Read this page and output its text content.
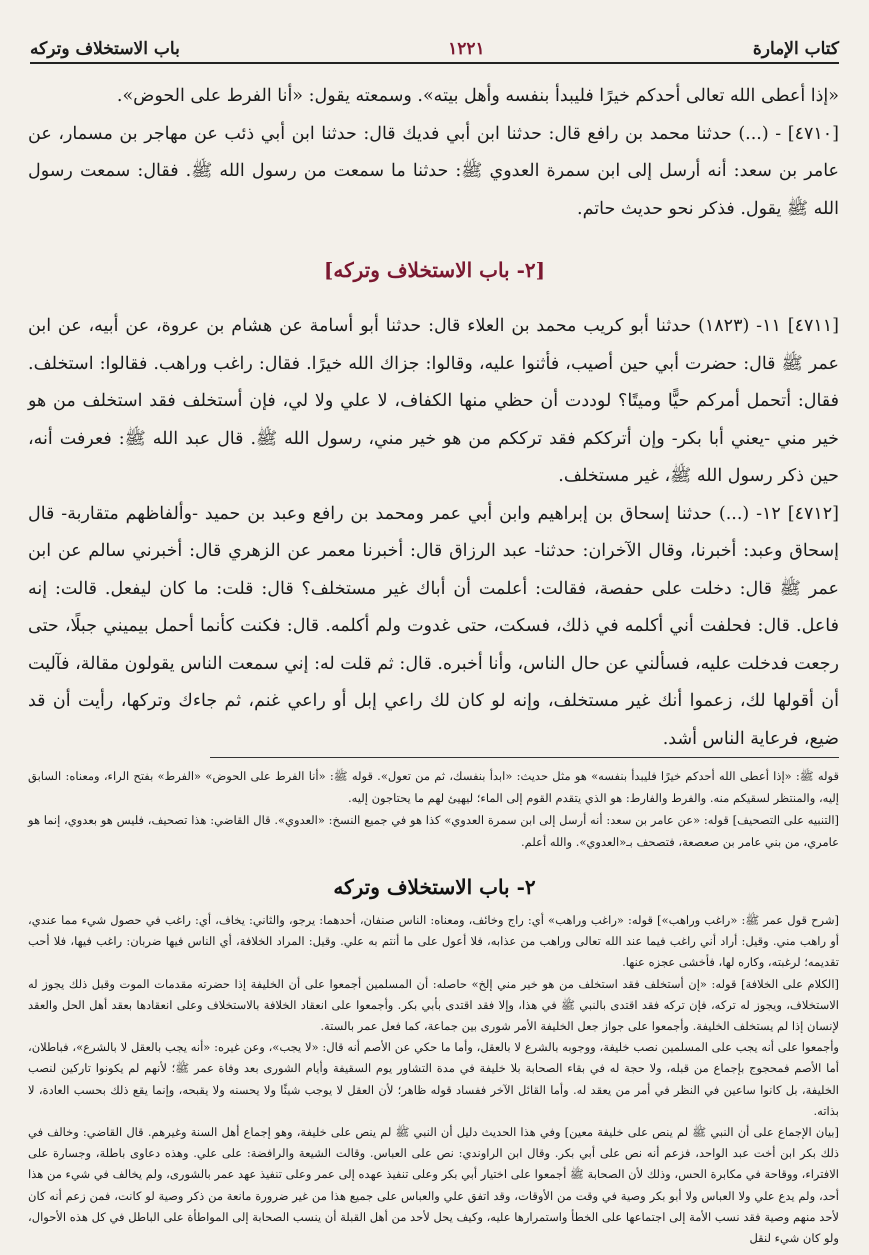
كتاب الإمارة
١٢٢١
باب الاستخلاف وتركه

«إذا أعطى الله تعالى أحدكم خيرًا فليبدأ بنفسه وأهل بيته». وسمعته يقول: «أنا الفرط على الحوض».

[٤٧١٠] - (...) حدثنا محمد بن رافع قال: حدثنا ابن أبي فديك قال: حدثنا ابن أبي ذئب عن مهاجر بن مسمار، عن عامر بن سعد: أنه أرسل إلى ابن سمرة العدوي ﷺ: حدثنا ما سمعت من رسول الله ﷺ. فقال: سمعت رسول الله ﷺ يقول. فذكر نحو حديث حاتم.

[٢- باب الاستخلاف وتركه]

[٤٧١١] ١١- (١٨٢٣) حدثنا أبو كريب محمد بن العلاء قال: حدثنا أبو أسامة عن هشام بن عروة، عن أبيه، عن ابن عمر ﷺ قال: حضرت أبي حين أصيب، فأثنوا عليه، وقالوا: جزاك الله خيرًا. فقال: راغب وراهب. فقالوا: استخلف. فقال: أتحمل أمركم حيًّا وميتًا؟ لوددت أن حظي منها الكفاف، لا علي ولا لي، فإن أستخلف فقد استخلف من هو خير مني -يعني أبا بكر- وإن أترككم فقد ترككم من هو خير مني، رسول الله ﷺ. قال عبد الله ﷺ: فعرفت أنه، حين ذكر رسول الله ﷺ، غير مستخلف.

[٤٧١٢] ١٢- (...) حدثنا إسحاق بن إبراهيم وابن أبي عمر ومحمد بن رافع وعبد بن حميد -وألفاظهم متقاربة- قال إسحاق وعبد: أخبرنا، وقال الآخران: حدثنا- عبد الرزاق قال: أخبرنا معمر عن الزهري قال: أخبرني سالم عن ابن عمر ﷺ قال: دخلت على حفصة، فقالت: أعلمت أن أباك غير مستخلف؟ قال: قلت: ما كان ليفعل. قالت: إنه فاعل. قال: فحلفت أني أكلمه في ذلك، فسكت، حتى غدوت ولم أكلمه. قال: فكنت كأنما أحمل بيميني جبلًا، حتى رجعت فدخلت عليه، فسألني عن حال الناس، وأنا أخبره. قال: ثم قلت له: إني سمعت الناس يقولون مقالة، فآليت أن أقولها لك، زعموا أنك غير مستخلف، وإنه لو كان لك راعي إبل أو راعي غنم، ثم جاءك وتركها، رأيت أن قد ضيع، فرعاية الناس أشد.

قوله ﷺ: «إذا أعطى الله أحدكم خيرًا فليبدأ بنفسه» هو مثل حديث: «ابدأ بنفسك، ثم من تعول». قوله ﷺ: «أنا الفرط على الحوض» «الفرط» بفتح الراء، ومعناه: السابق إليه، والمنتظر لسقيكم منه. والفرط والفارط: هو الذي يتقدم القوم إلى الماء؛ ليهيئ لهم ما يحتاجون إليه.

[التنبيه على التصحيف] قوله: «عن عامر بن سعد: أنه أرسل إلى ابن سمرة العدوي» كذا هو في جميع النسخ: «العدوي». قال القاضي: هذا تصحيف، فليس هو بعدوي، إنما هو عامري، من بني عامر بن صعصعة، فتصحف بـ«العدوي». والله أعلم.

٢- باب الاستخلاف وتركه

[شرح قول عمر ﷺ: «راغب وراهب»] قوله: «راغب وراهب» أي: راج وخائف، ومعناه: الناس صنفان، أحدهما: يرجو، والثاني: يخاف، أي: راغب في حصول شيء مما عندي، أو راهب مني. وقيل: أراد أني راغب فيما عند الله تعالى وراهب من عذابه، فلا أعول على ما أنتم به علي. وقيل: المراد الخلافة، أي الناس فيها ضربان: راغب فيها، فلا أحب تقديمه؛ لرغبته، وكاره لها، فأخشى عجزه عنها.

[الكلام على الخلافة] قوله: «إن أستخلف فقد استخلف من هو خير مني إلخ» حاصله: أن المسلمين أجمعوا على أن الخليفة إذا حضرته مقدمات الموت وقبل ذلك يجوز له الاستخلاف، ويجوز له تركه، فإن تركه فقد اقتدى بالنبي ﷺ في هذا، وإلا فقد اقتدى بأبي بكر. وأجمعوا على انعقاد الخلافة بالاستخلاف وعلى انعقادها بعقد أهل الحل والعقد لإنسان إذا لم يستخلف الخليفة. وأجمعوا على جواز جعل الخليفة الأمر شورى بين جماعة، كما فعل عمر بالستة.

وأجمعوا على أنه يجب على المسلمين نصب خليفة، ووجوبه بالشرع لا بالعقل، وأما ما حكي عن الأصم أنه قال: «لا يجب»، وعن غيره: «أنه يجب بالعقل لا بالشرع»، فباطلان، أما الأصم فمحجوج بإجماع من قبله، ولا حجة له في بقاء الصحابة بلا خليفة في مدة التشاور يوم السقيفة وأيام الشورى بعد وفاة عمر ﷺ؛ لأنهم لم يكونوا تاركين لنصب الخليفة، بل كانوا ساعين في النظر في أمر من يعقد له. وأما القائل الآخر ففساد قوله ظاهر؛ لأن العقل لا يوجب شيئًا ولا يحسنه ولا يقبحه، وإنما يقع ذلك بحسب العادة، لا بذاته.

[بيان الإجماع على أن النبي ﷺ لم ينص على خليفة معين] وفي هذا الحديث دليل أن النبي ﷺ لم ينص على خليفة، وهو إجماع أهل السنة وغيرهم. قال القاضي: وخالف في ذلك بكر ابن أخت عبد الواحد، فزعم أنه نص على أبي بكر. وقال ابن الراوندي: نص على العباس. وقالت الشيعة والرافضة: على علي. وهذه دعاوى باطلة، وجسارة على الافتراء، ووقاحة في مكابرة الحس، وذلك لأن الصحابة ﷺ أجمعوا على اختيار أبي بكر وعلى تنفيذ عهده إلى عمر وعلى تنفيذ عهد عمر بالشورى، ولم يخالف في شيء من هذا أحد، ولم يدع علي ولا العباس ولا أبو بكر وصية في وقت من الأوقات، وقد اتفق علي والعباس على جميع هذا من غير ضرورة مانعة من ذكر وصية لو كانت، فمن زعم أنه كان لأحد منهم وصية فقد نسب الأمة إلى اجتماعها على الخطأ واستمرارها عليه، وكيف يحل لأحد من أهل القبلة أن ينسب الصحابة إلى المواطأة على الباطل في كل هذه الأحوال، ولو كان شيء لنقل
